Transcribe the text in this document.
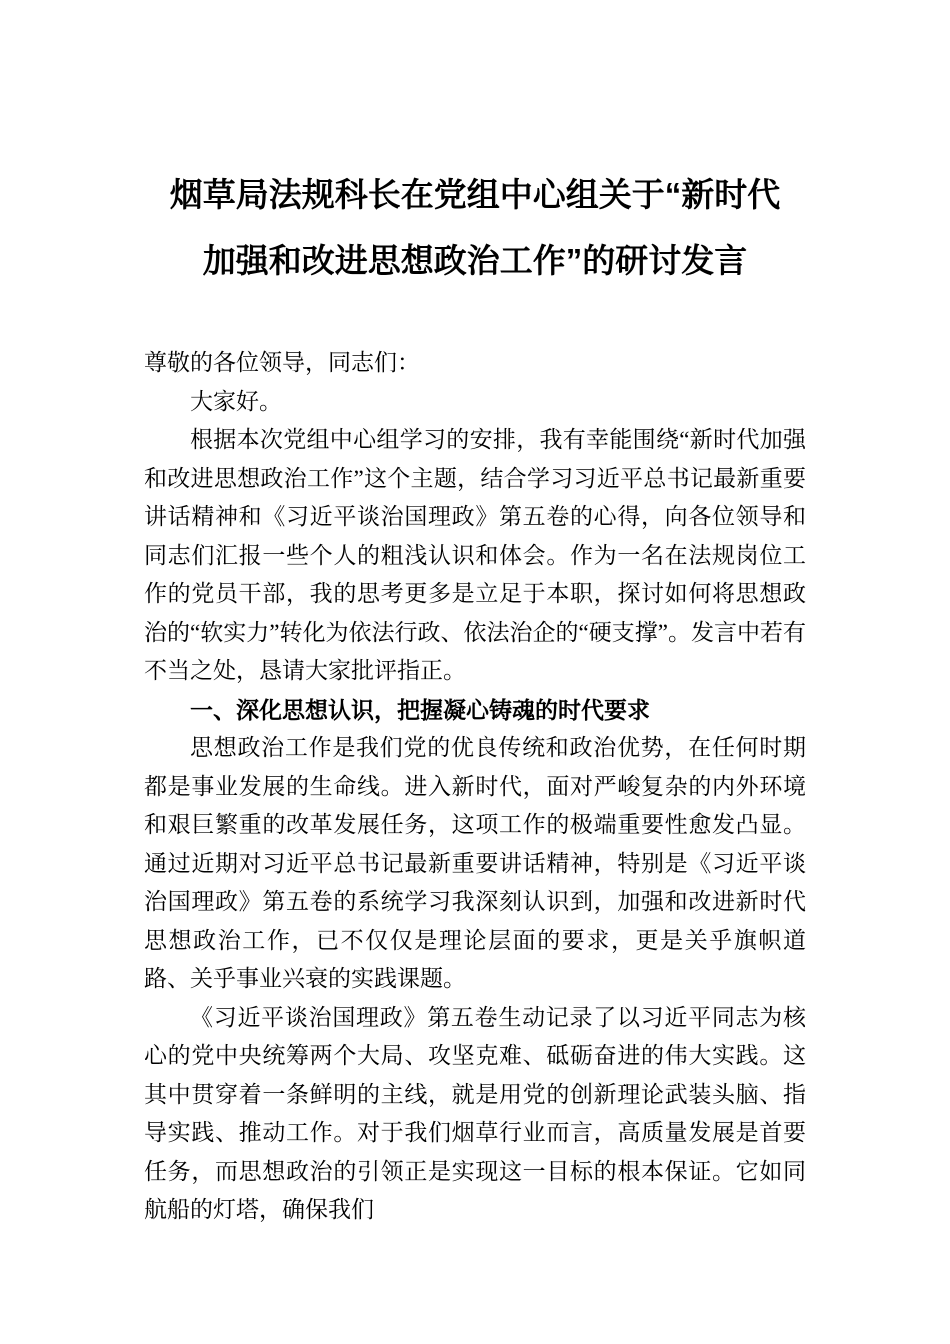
烟草局法规科长在党组中心组关于“新时代
加强和改进思想政治工作”的研讨发言

尊敬的各位领导，同志们：

大家好。

根据本次党组中心组学习的安排，我有幸能围绕“新时代加强和改进思想政治工作”这个主题，结合学习习近平总书记最新重要讲话精神和《习近平谈治国理政》第五卷的心得，向各位领导和同志们汇报一些个人的粗浅认识和体会。作为一名在法规岗位工作的党员干部，我的思考更多是立足于本职，探讨如何将思想政治的“软实力”转化为依法行政、依法治企的“硬支撑”。发言中若有不当之处，恳请大家批评指正。

一、深化思想认识，把握凝心铸魂的时代要求

思想政治工作是我们党的优良传统和政治优势，在任何时期都是事业发展的生命线。进入新时代，面对严峻复杂的内外环境和艰巨繁重的改革发展任务，这项工作的极端重要性愈发凸显。通过近期对习近平总书记最新重要讲话精神，特别是《习近平谈治国理政》第五卷的系统学习我深刻认识到，加强和改进新时代思想政治工作，已不仅仅是理论层面的要求，更是关乎旗帜道路、关乎事业兴衰的实践课题。

《习近平谈治国理政》第五卷生动记录了以习近平同志为核心的党中央统筹两个大局、攻坚克难、砥砺奋进的伟大实践。这其中贯穿着一条鲜明的主线，就是用党的创新理论武装头脑、指导实践、推动工作。对于我们烟草行业而言，高质量发展是首要任务，而思想政治的引领正是实现这一目标的根本保证。它如同航船的灯塔，确保我们
